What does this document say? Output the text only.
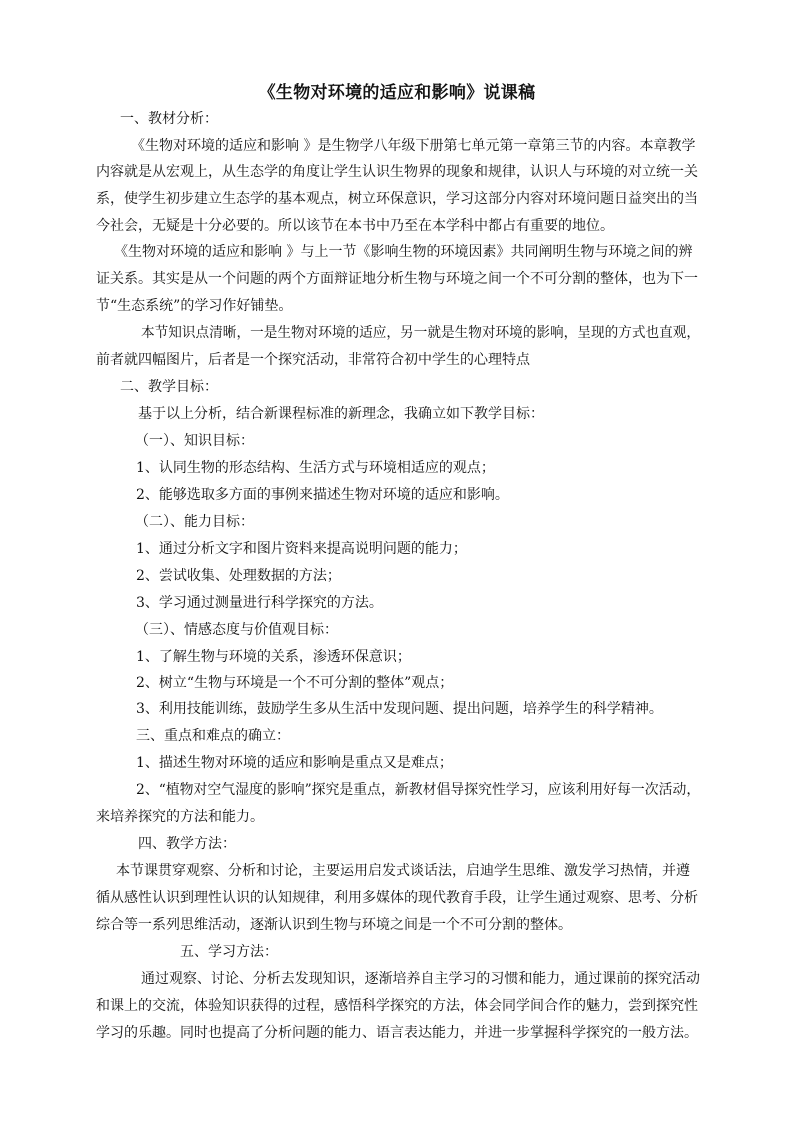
《生物对环境的适应和影响》说课稿
一、教材分析：
《生物对环境的适应和影响 》是生物学八年级下册第七单元第一章第三节的内容。本章教学
内容就是从宏观上，从生态学的角度让学生认识生物界的现象和规律，认识人与环境的对立统一关
系，使学生初步建立生态学的基本观点，树立环保意识，学习这部分内容对环境问题日益突出的当
今社会，无疑是十分必要的。所以该节在本书中乃至在本学科中都占有重要的地位。
《生物对环境的适应和影响 》与上一节《影响生物的环境因素》共同阐明生物与环境之间的辨
证关系。其实是从一个问题的两个方面辩证地分析生物与环境之间一个不可分割的整体，也为下一
节“生态系统”的学习作好铺垫。
本节知识点清晰，一是生物对环境的适应，另一就是生物对环境的影响，呈现的方式也直观，
前者就四幅图片，后者是一个探究活动，非常符合初中学生的心理特点
二、教学目标：
基于以上分析，结合新课程标准的新理念，我确立如下教学目标：
（一）、知识目标：
1、认同生物的形态结构、生活方式与环境相适应的观点；
2、能够选取多方面的事例来描述生物对环境的适应和影响。
（二）、能力目标：
1、通过分析文字和图片资料来提高说明问题的能力；
2、尝试收集、处理数据的方法；
3、学习通过测量进行科学探究的方法。
（三）、情感态度与价值观目标：
1、了解生物与环境的关系，渗透环保意识；
2、树立“生物与环境是一个不可分割的整体”观点；
3、利用技能训练，鼓励学生多从生活中发现问题、提出问题，培养学生的科学精神。
三、重点和难点的确立：
1、描述生物对环境的适应和影响是重点又是难点；
2、“植物对空气湿度的影响”探究是重点，新教材倡导探究性学习，应该利用好每一次活动，
来培养探究的方法和能力。
四、教学方法：
本节课贯穿观察、分析和讨论，主要运用启发式谈话法，启迪学生思维、激发学习热情，并遵
循从感性认识到理性认识的认知规律，利用多媒体的现代教育手段，让学生通过观察、思考、分析
综合等一系列思维活动，逐渐认识到生物与环境之间是一个不可分割的整体。
五、学习方法：
通过观察、讨论、分析去发现知识，逐渐培养自主学习的习惯和能力，通过课前的探究活动
和课上的交流，体验知识获得的过程，感悟科学探究的方法，体会同学间合作的魅力，尝到探究性
学习的乐趣。同时也提高了分析问题的能力、语言表达能力，并进一步掌握科学探究的一般方法。
